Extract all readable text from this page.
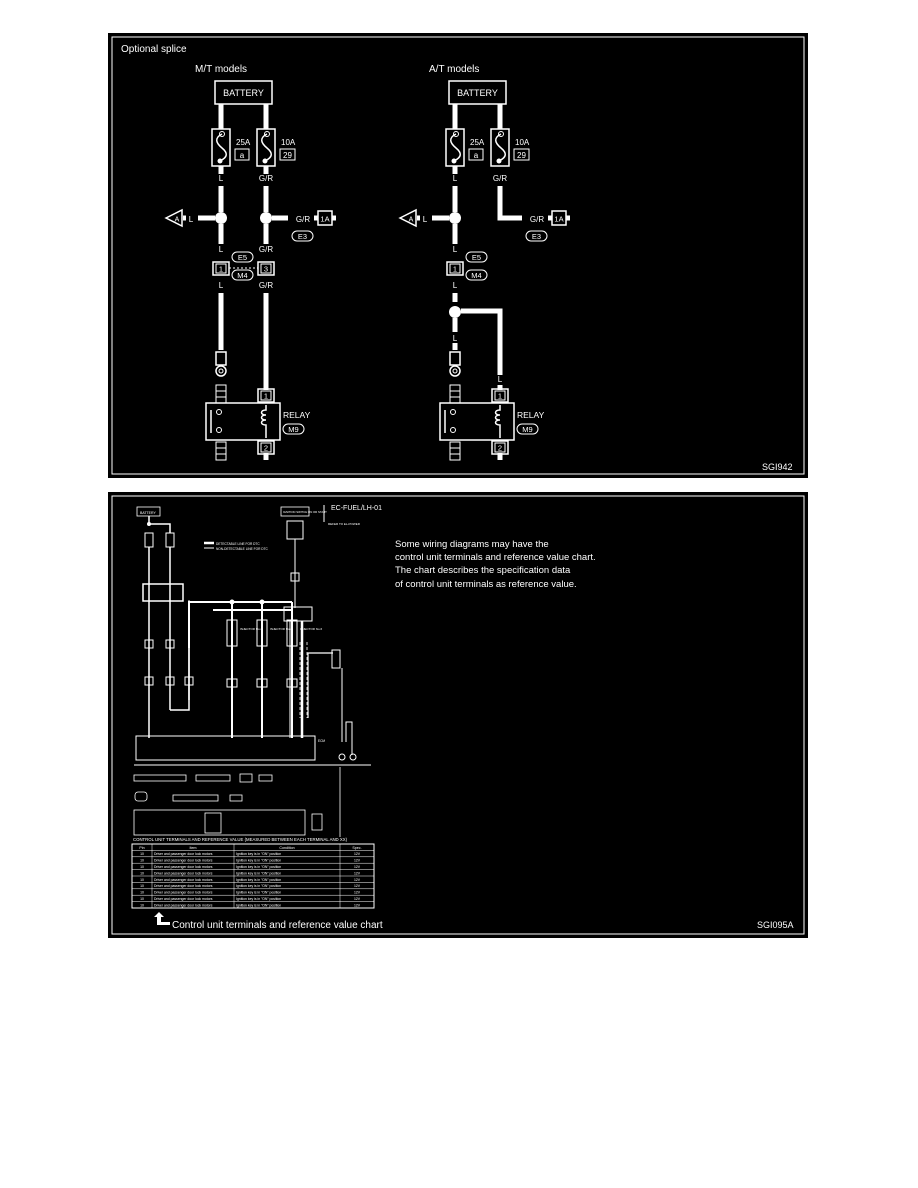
Optional splice
SGI942
M/T models
BATTERY
25A
a
10A
29
L	G/R
L
A
L
1
E5
M4
L
G/R
3
G/R
G/R 1A
E3
1
2
RELAY
M9
A/T models
BATTERY
25A
a
10A
29
L	G/R
L
A
L
1
E5
M4
L
L
L
G/R 1A
E3
1
2
RELAY
M9
SGI095A
EC-FUEL/LH-01
BATTERY
DETECTABLE LINE FOR DTC
NON-DETECTABLE LINE FOR DTC
INJECTOR No.2	INJECTOR No.4	INJECTOR No.6
IGNITION SWITCH ON OR START
REFER TO EL-POWER
ECM
CONTROL UNIT TERMINALS AND REFERENCE VALUE (MEASURED BETWEEN EACH TERMINAL AND XX)
Pin	Item	Condition	Spec.
10	Driver and passenger door lock motors	Ignition key is in "ON" position	12V
10	Driver and passenger door lock motors	Ignition key is in "ON" position	12V
10	Driver and passenger door lock motors	Ignition key is in "ON" position	12V
10	Driver and passenger door lock motors	Ignition key is in "ON" position	12V
10	Driver and passenger door lock motors	Ignition key is in "ON" position	12V
10	Driver and passenger door lock motors	Ignition key is in "ON" position	12V
10	Driver and passenger door lock motors	Ignition key is in "ON" position	12V
10	Driver and passenger door lock motors	Ignition key is in "ON" position	12V
10	Driver and passenger door lock motors	Ignition key is in "ON" position	12V
Some wiring diagrams may have the
control unit terminals and reference value chart.
The chart describes the specification data
of control unit terminals as reference value.
Control unit terminals and reference value chart
